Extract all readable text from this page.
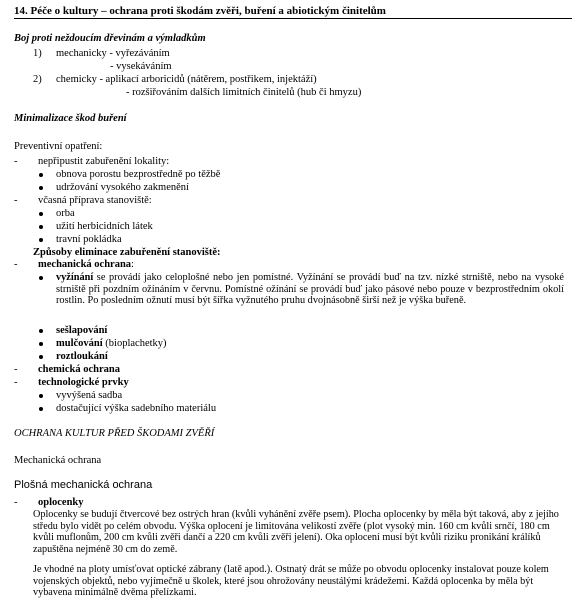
14. Péče o kultury – ochrana proti škodám zvěři, buření a abiotickým činitelům
Boj proti neždoucím dřevinám a výmladkům
1) mechanicky - vyřezáváním
- vysekáváním
2) chemicky - aplikací arboricidů (nátěrem, postřikem, injektáží)
- rozšiřováním dalších limitních činitelů (hub či hmyzu)
Minimalizace škod buření
Preventivní opatření:
- nepřipustit zabuřenění lokality:
obnova porostu bezprostředně po těžbě
udržování vysokého zakmenění
- včasná příprava stanoviště:
orba
užití herbicidních látek
travní pokládka
Způsoby eliminace zabuřenění stanoviště:
- mechanická ochrana:
vyžínání se provádí jako celoplošné nebo jen pomístné. Vyžínání se provádí buď na tzv. nízké strniště, nebo na vysoké strniště při pozdním ožínáním v červnu. Pomístné ožínání se provádí buď jako pásové nebo pouze v bezprostředním okolí rostlin. Po posledním ožnutí musí být šířka vyžnutého pruhu dvojnásobně širší než je výška buřeně.
sešlapování
mulčování (bioplachetky)
roztloukání
- chemická ochrana
- technologické prvky
vyvýšená sadba
dostačující výška sadebního materiálu
OCHRANA KULTUR PŘED ŠKODAMI ZVĚŘÍ
Mechanická ochrana
Plošná mechanická ochrana
- oplocenky
Oplocenky se budují čtvercové bez ostrých hran (kvůli vyhánění zvěře psem). Plocha oplocenky by měla být taková, aby z jejího středu bylo vidět po celém obvodu. Výška oplocení je limitována velikostí zvěře (plot vysoký min. 160 cm kvůli srnčí, 180 cm kvůli muflonům, 200 cm kvůli zvěři dančí a 220 cm kvůli zvěři jelení). Oka oplocení musí být kvůli riziku pronikání králíků zapuštěna nejméně 30 cm do země.
Je vhodné na ploty umísťovat optické zábrany (latě apod.). Ostnatý drát se může po obvodu oplocenky instalovat pouze kolem vojenských objektů, nebo vyjímečně u školek, které jsou ohrožovány neustálými krádežemi. Každá oplocenka by měla být vybavena minimálně dvěma přelízkami.
